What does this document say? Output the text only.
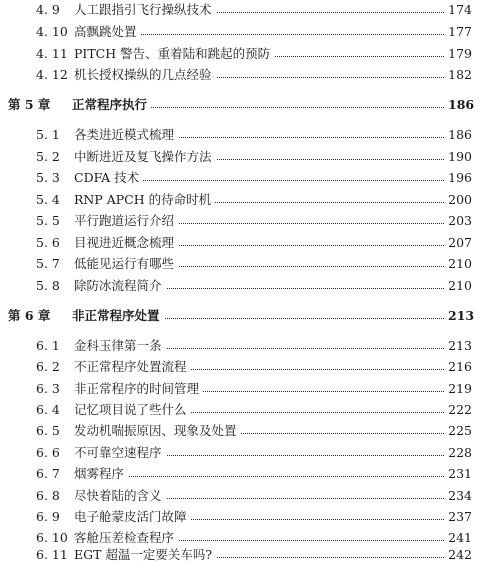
4. 9 人工跟指引飞行操纵技术	174
4. 10 高飘跳处置	177
4. 11 PITCH 警告、重着陆和跳起的预防	179
4. 12 机长授权操纵的几点经验	182
第 5 章 正常程序执行	186
5. 1 各类进近模式梳理	186
5. 2 中断进近及复飞操作方法	190
5. 3 CDFA 技术	196
5. 4 RNP APCH 的待命时机	200
5. 5 平行跑道运行介绍	203
5. 6 目视进近概念梳理	207
5. 7 低能见运行有哪些	210
5. 8 除防冰流程简介	210
第 6 章 非正常程序处置	213
6. 1 金科玉律第一条	213
6. 2 不正常程序处置流程	216
6. 3 非正常程序的时间管理	219
6. 4 记忆项目说了些什么	222
6. 5 发动机喘振原因、现象及处置	225
6. 6 不可靠空速程序	228
6. 7 烟雾程序	231
6. 8 尽快着陆的含义	234
6. 9 电子舱蒙皮活门故障	237
6. 10 客舱压差检查程序	241
6. 11 EGT 超温一定要关车吗?	242
